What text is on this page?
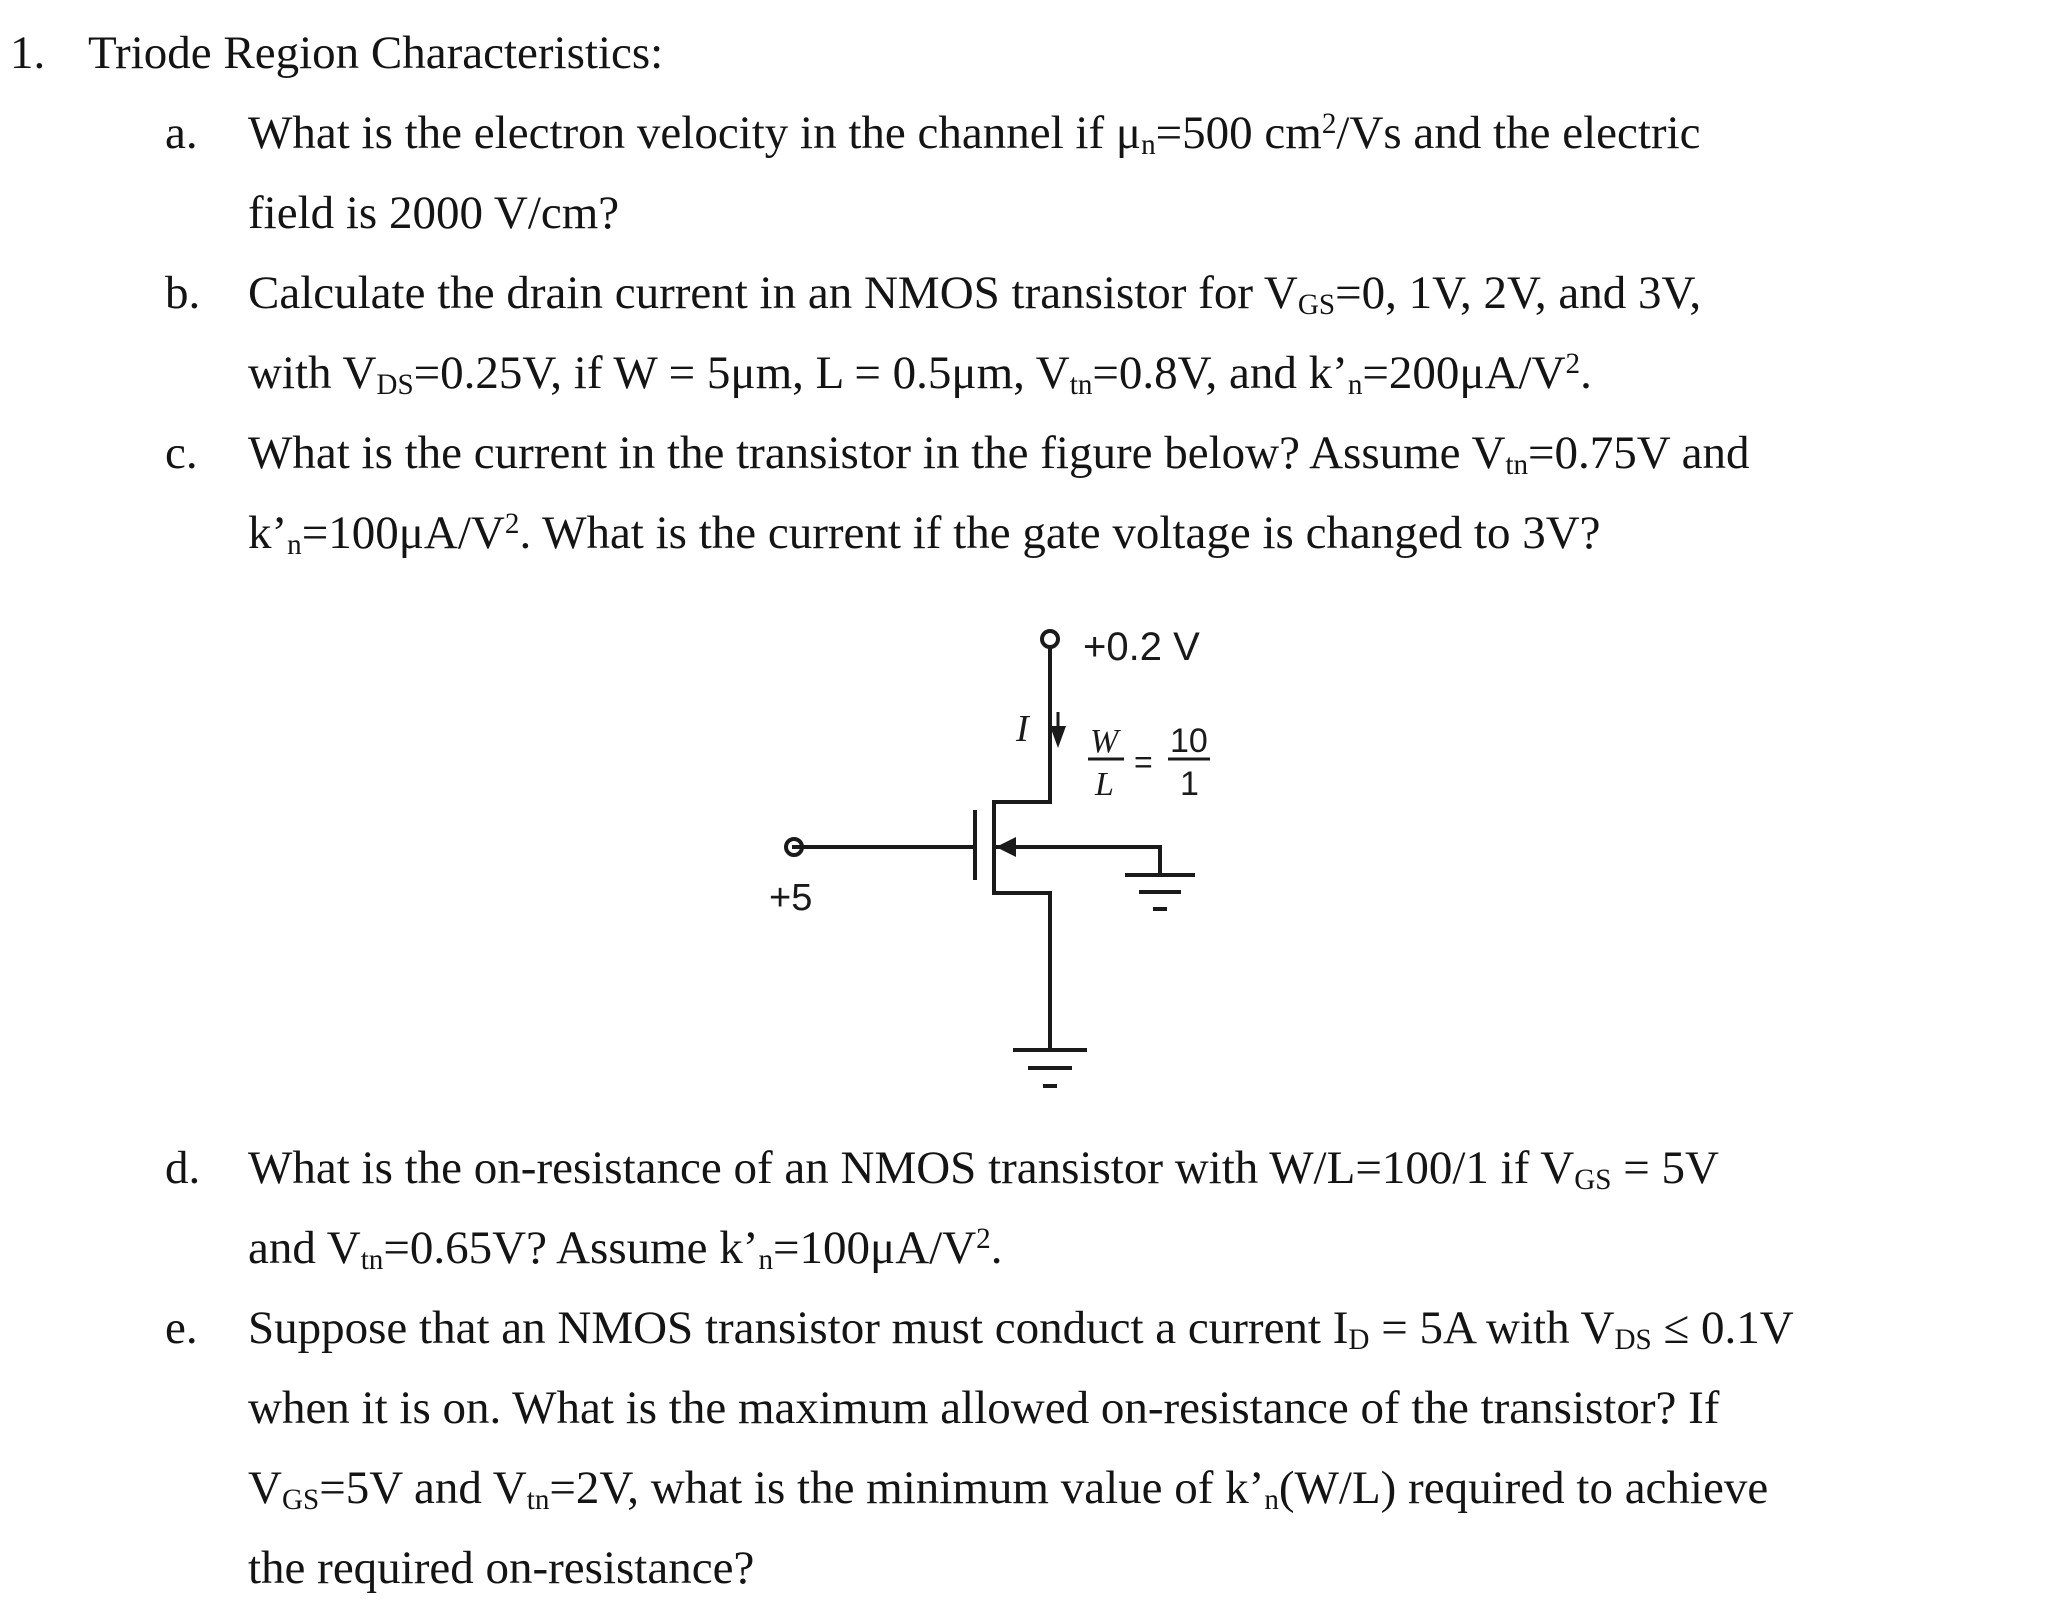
1. Triode Region Characteristics:
a.
b.
c.
d.
e.
What is the electron velocity in the channel if $\mu_n=500$ $cm^2/Vs$ and the electric
field is 2000 V/cm?
Calculate the drain current in an NMOS transistor for $V_{GS}=0$, 1V, 2V, and 3V,
with $V_{DS}=0.25V$, if W = 5μm, L = 0.5μm, $V_{tn}=0.8V$, and $k’_n=200\mu A/V^2$.
What is the current in the transistor in the figure below? Assume $V_{tn}=0.75V$ and
$k’_n=100\mu A/V^2$. What is the current if the gate voltage is changed to 3V?
What is the on-resistance of an NMOS transistor with W/L=100/1 if $V_{GS} = 5V$
and $V_{tn}=0.65V$? Assume $k’_n=100\mu A/V^2$.
Suppose that an NMOS transistor must conduct a current $I_D = 5A$ with $V_{DS} \le 0.1V$
when it is on. What is the maximum allowed on-resistance of the transistor? If
$V_{GS}=5V$ and $V_{tn}=2V$, what is the minimum value of $k’_n(W/L)$ required to achieve
the required on-resistance?
+0.2 V
I W
L
=
10
1
+5
